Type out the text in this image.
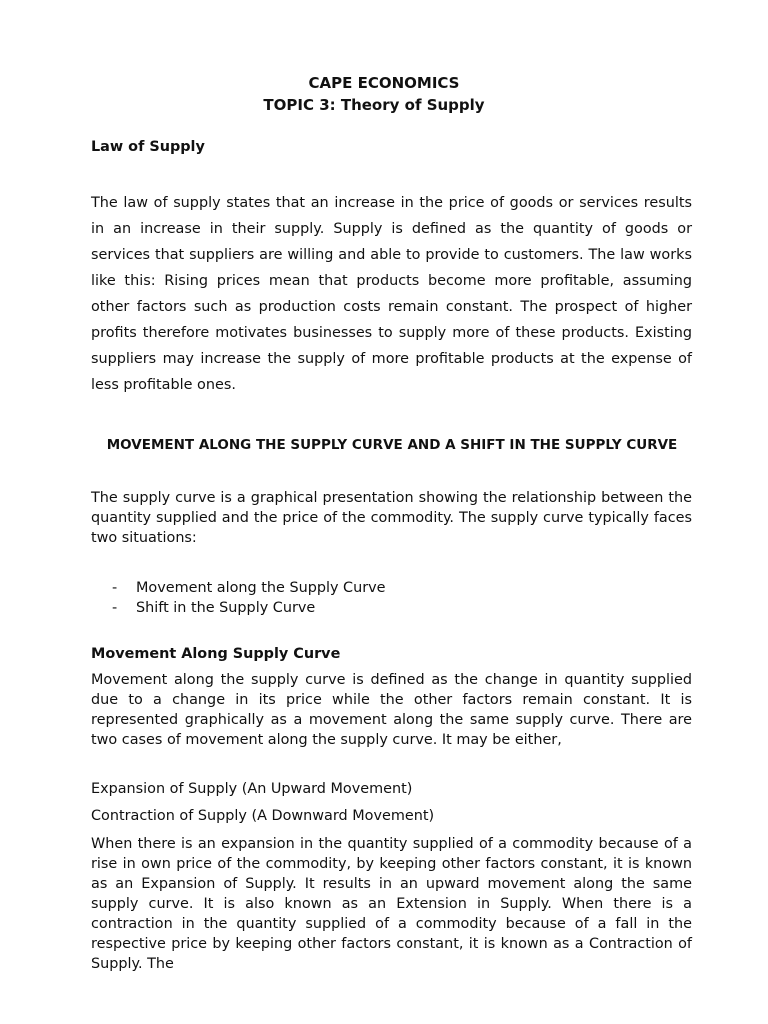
CAPE ECONOMICS
TOPIC 3: Theory of Supply
Law of Supply
The law of supply states that an increase in the price of goods or services results in an increase in their supply. Supply is defined as the quantity of goods or services that suppliers are willing and able to provide to customers. The law works like this: Rising prices mean that products become more profitable, assuming other factors such as production costs remain constant. The prospect of higher profits therefore motivates businesses to supply more of these products. Existing suppliers may increase the supply of more profitable products at the expense of less profitable ones.
MOVEMENT ALONG THE SUPPLY CURVE AND A SHIFT IN THE SUPPLY CURVE
The supply curve is a graphical presentation showing the relationship between the quantity supplied and the price of the commodity. The supply curve typically faces two situations:
- Movement along the Supply Curve
- Shift in the Supply Curve
Movement Along Supply Curve
Movement along the supply curve is defined as the change in quantity supplied due to a change in its price while the other factors remain constant. It is represented graphically as a movement along the same supply curve. There are two cases of movement along the supply curve. It may be either,
Expansion of Supply (An Upward Movement)
Contraction of Supply (A Downward Movement)
When there is an expansion in the quantity supplied of a commodity because of a rise in own price of the commodity, by keeping other factors constant, it is known as an Expansion of Supply. It results in an upward movement along the same supply curve. It is also known as an Extension in Supply. When there is a contraction in the quantity supplied of a commodity because of a fall in the respective price by keeping other factors constant, it is known as a Contraction of Supply. The
